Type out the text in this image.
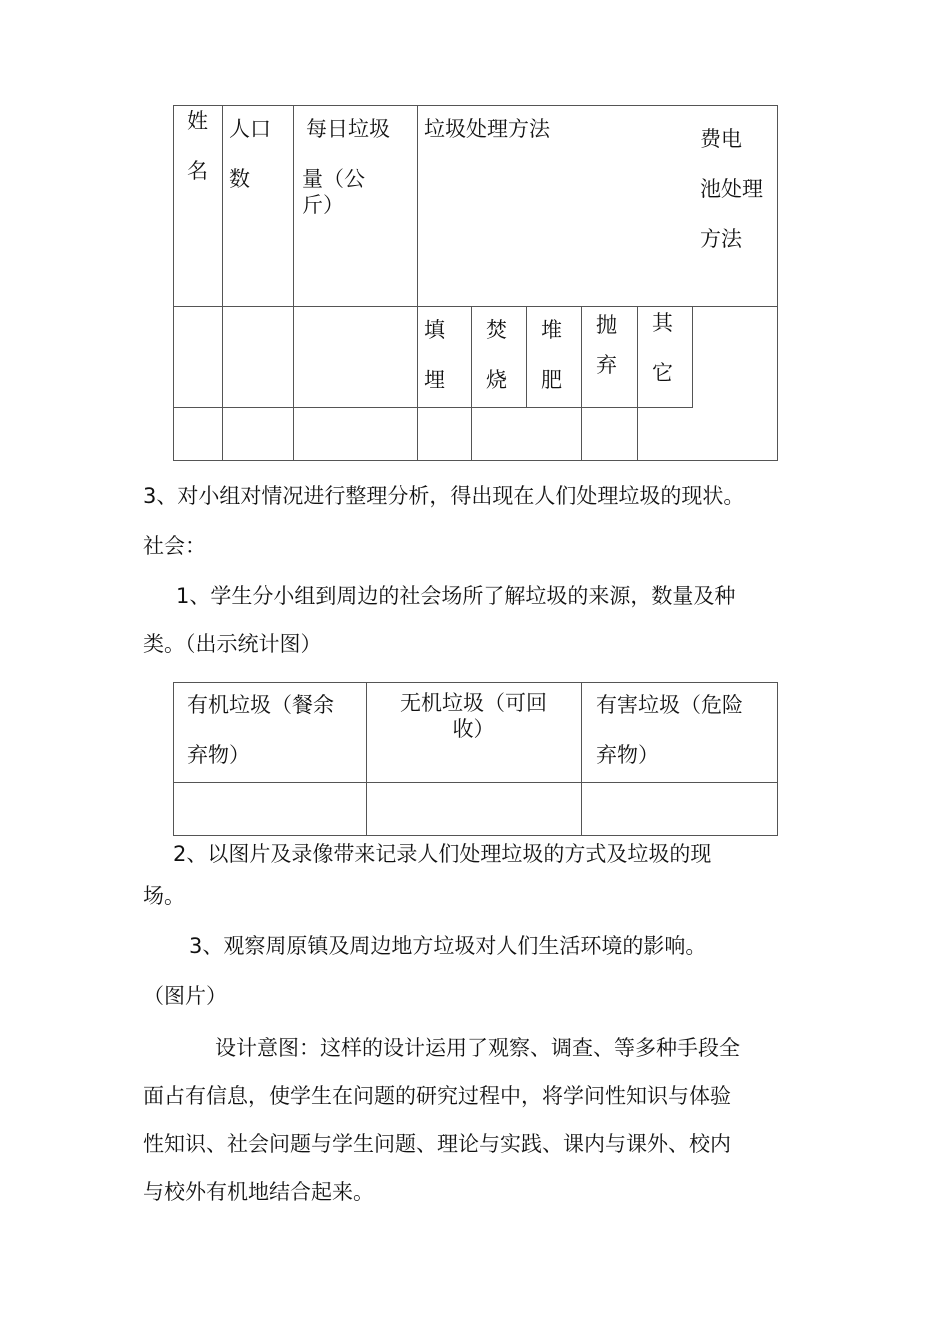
姓
名
人口
数
每日垃圾
量（公
斤）
垃圾处理方法	费电
池处理
方法
填
埋
焚
烧
堆
肥
抛
弃
其
它
3、对小组对情况进行整理分析，得出现在人们处理垃圾的现状。
社会：
1、学生分小组到周边的社会场所了解垃圾的来源，数量及种
类。（出示统计图）
有机垃圾（餐余
弃物）
无机垃圾（可回
收）
有害垃圾（危险
弃物）
2、以图片及录像带来记录人们处理垃圾的方式及垃圾的现
场。
3、观察周原镇及周边地方垃圾对人们生活环境的影响。
（图片）
设计意图：这样的设计运用了观察、调查、等多种手段全
面占有信息，使学生在问题的研究过程中，将学问性知识与体验
性知识、社会问题与学生问题、理论与实践、课内与课外、校内
与校外有机地结合起来。
